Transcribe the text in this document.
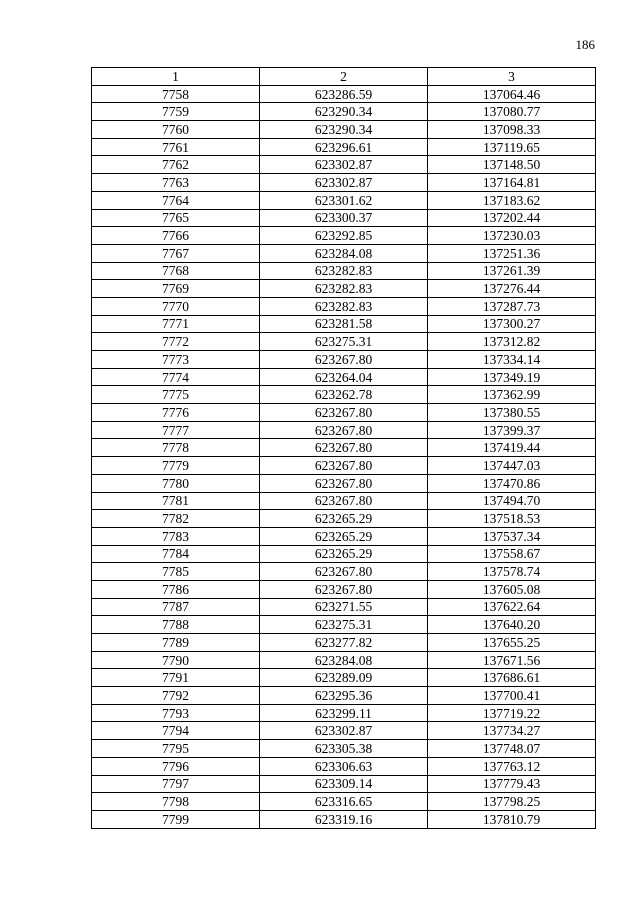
186
1	2	3
7758	623286.59	137064.46
7759	623290.34	137080.77
7760	623290.34	137098.33
7761	623296.61	137119.65
7762	623302.87	137148.50
7763	623302.87	137164.81
7764	623301.62	137183.62
7765	623300.37	137202.44
7766	623292.85	137230.03
7767	623284.08	137251.36
7768	623282.83	137261.39
7769	623282.83	137276.44
7770	623282.83	137287.73
7771	623281.58	137300.27
7772	623275.31	137312.82
7773	623267.80	137334.14
7774	623264.04	137349.19
7775	623262.78	137362.99
7776	623267.80	137380.55
7777	623267.80	137399.37
7778	623267.80	137419.44
7779	623267.80	137447.03
7780	623267.80	137470.86
7781	623267.80	137494.70
7782	623265.29	137518.53
7783	623265.29	137537.34
7784	623265.29	137558.67
7785	623267.80	137578.74
7786	623267.80	137605.08
7787	623271.55	137622.64
7788	623275.31	137640.20
7789	623277.82	137655.25
7790	623284.08	137671.56
7791	623289.09	137686.61
7792	623295.36	137700.41
7793	623299.11	137719.22
7794	623302.87	137734.27
7795	623305.38	137748.07
7796	623306.63	137763.12
7797	623309.14	137779.43
7798	623316.65	137798.25
7799	623319.16	137810.79
